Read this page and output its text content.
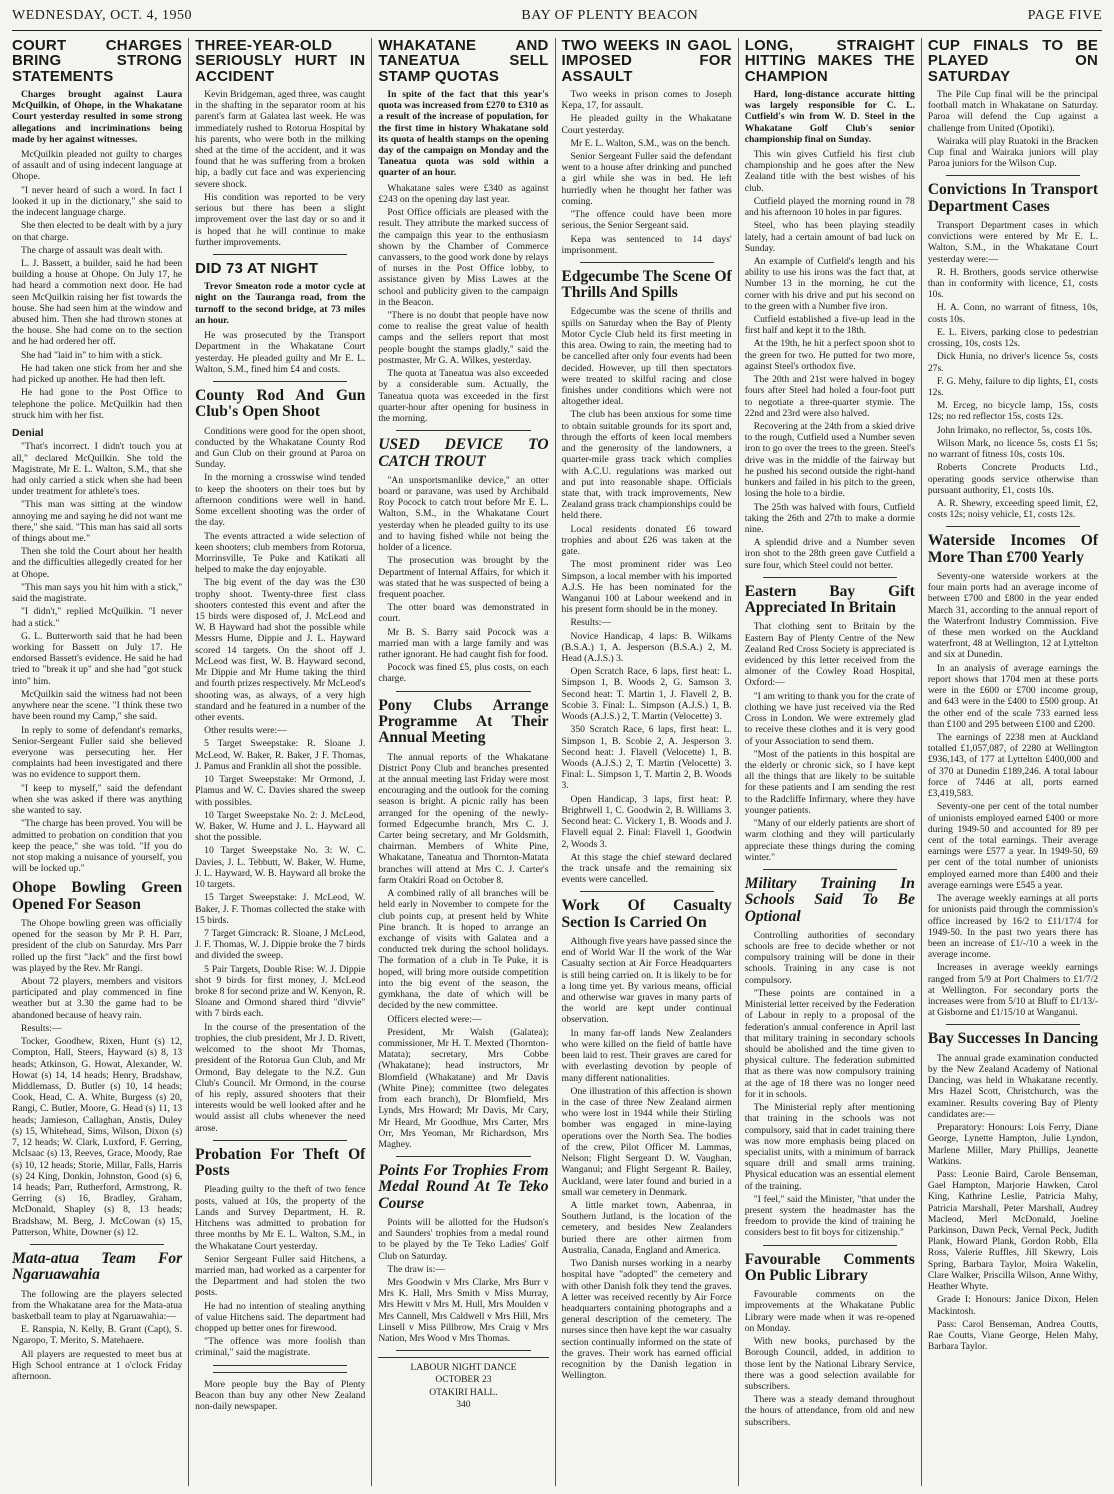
WEDNESDAY, OCT. 4, 1950	BAY OF PLENTY BEACON	PAGE FIVE
COURT CHARGES BRING STRONG STATEMENTS

Charges brought against Laura McQuilkin, of Ohope, in the Whakatane Court yesterday resulted in some strong allegations and incriminations being made by her against witnesses.

McQuilkin pleaded not guilty to charges of assault and of using indecent language at Ohope.

"I never heard of such a word. In fact I looked it up in the dictionary," she said to the indecent language charge.

She then elected to be dealt with by a jury on that charge.

The charge of assault was dealt with.

L. J. Bassett, a builder, said he had been building a house at Ohope. On July 17, he had heard a commotion next door. He had seen McQuilkin raising her fist towards the house. She had seen him at the window and abused him. Then she had thrown stones at the house. She had come on to the section and he had ordered her off.

She had "laid in" to him with a stick.

He had taken one stick from her and she had picked up another. He had then left.

He had gone to the Post Office to telephone the police. McQuilkin had then struck him with her fist.

Denial

"That's incorrect. I didn't touch you at all," declared McQuilkin. She told the Magistrate, Mr E. L. Walton, S.M., that she had only carried a stick when she had been under treatment for athlete's toes.

"This man was sitting at the window annoying me and saying he did not want me there," she said. "This man has said all sorts of things about me."

Then she told the Court about her health and the difficulties allegedly created for her at Ohope.

"This man says you hit him with a stick," said the magistrate.

"I didn't," replied McQuilkin. "I never had a stick."

G. L. Butterworth said that he had been working for Bassett on July 17. He endorsed Bassett's evidence. He said he had tried to "break it up" and she had "got stuck into" him.

McQuilkin said the witness had not been anywhere near the scene. "I think these two have been round my Camp," she said.

In reply to some of defendant's remarks, Senior-Sergeant Fuller said she believed everyone was persecuting her. Her complaints had been investigated and there was no evidence to support them.

"I keep to myself," said the defendant when she was asked if there was anything she wanted to say.

"The charge has been proved. You will be admitted to probation on condition that you keep the peace," she was told. "If you do not stop making a nuisance of yourself, you will be locked up."

Ohope Bowling Green Opened For Season

The Ohope bowling green was officially opened for the season by Mr P. H. Parr, president of the club on Saturday. Mrs Parr rolled up the first "Jack" and the first bowl was played by the Rev. Mr Rangi.

About 72 players, members and visitors participated and play commenced in fine weather but at 3.30 the game had to be abandoned because of heavy rain.

Results:—

Tocker, Goodhew, Rixen, Hunt (s) 12, Compton, Hall, Steers, Hayward (s) 8, 13 heads; Atkinson, G. Howat, Alexander, W. Howat (s) 14, 14 heads; Henry, Bradshaw, Middlemass, D. Butler (s) 10, 14 heads; Cook, Head, C. A. White, Burgess (s) 20, Rangi, C. Butler, Moore, G. Head (s) 11, 13 heads; Jamieson, Callaghan, Anstis, Duley (s) 15, Whitehead, Sims, Wilson, Dixon (s) 7, 12 heads; W. Clark, Luxford, F. Gerring, McIsaac (s) 13, Reeves, Grace, Moody, Rae (s) 10, 12 heads; Storie, Millar, Falls, Harris (s) 24 King, Donkin, Johnston, Good (s) 6, 14 heads; Parr, Rutherford, Armstrong, R. Gerring (s) 16, Bradley, Graham, McDonald, Shapley (s) 8, 13 heads; Bradshaw, M. Berg, J. McCowan (s) 15, Patterson, White, Downer (s) 12.

Mata-atua Team For Ngaruawahia

The following are the players selected from the Whakatane area for the Mata-atua basketball team to play at Ngaruawahia:—

E. Ranspia, N. Kelly, B. Grant (Capt), S. Ngaropo, T. Merito, S. Matehaere.

All players are requested to meet bus at High School entrance at 1 o'clock Friday afternoon.

THREE-YEAR-OLD SERIOUSLY HURT IN ACCIDENT

Kevin Bridgeman, aged three, was caught in the shafting in the separator room at his parent's farm at Galatea last week. He was immediately rushed to Rotorua Hospital by his parents, who were both in the milking shed at the time of the accident, and it was found that he was suffering from a broken hip, a badly cut face and was experiencing severe shock.

His condition was reported to be very serious but there has been a slight improvement over the last day or so and it is hoped that he will continue to make further improvements.

DID 73 AT NIGHT

Trevor Smeaton rode a motor cycle at night on the Tauranga road, from the turnoff to the second bridge, at 73 miles an hour.

He was prosecuted by the Transport Department in the Whakatane Court yesterday. He pleaded guilty and Mr E. L. Walton, S.M., fined him £4 and costs.

County Rod And Gun Club's Open Shoot

Conditions were good for the open shoot, conducted by the Whakatane County Rod and Gun Club on their ground at Paroa on Sunday.

In the morning a crosswise wind tended to keep the shooters on their toes but by afternoon conditions were well in hand. Some excellent shooting was the order of the day.

The events attracted a wide selection of keen shooters; club members from Rotorua, Morrinsville, Te Puke and Katikati all helped to make the day enjoyable.

The big event of the day was the £30 trophy shoot. Twenty-three first class shooters contested this event and after the 15 birds were disposed of, J. McLeod and W. B Hayward had shot the possible while Messrs Hume, Dippie and J. L. Hayward scored 14 targets. On the shoot off J. McLeod was first, W. B. Hayward second, Mr Dippie and Mr Hume taking the third and fourth prizes respectively. Mr McLeod's shooting was, as always, of a very high standard and he featured in a number of the other events.

Other results were:—

5 Target Sweepstake: R. Sloane J. McLeod, W. Baker, R. Baker, J F. Thomas, J. Pamus and Franklin all shot the possible.

10 Target Sweepstake: Mr Ormond, J. Plamus and W. C. Davies shared the sweep with possibles.

10 Target Sweepstake No. 2: J. McLeod, W. Baker, W. Hume and J. L. Hayward all shot the possible.

10 Target Sweepstake No. 3: W. C. Davies, J. L. Tebbutt, W. Baker, W. Hume, J. L. Hayward, W. B. Hayward all broke the 10 targets.

15 Target Sweepstake: J. McLeod, W. Baker, J. F. Thomas collected the stake with 15 birds.

7 Target Gimcrack: R. Sloane, J McLeod, J. F. Thomas, W. J. Dippie broke the 7 birds and divided the sweep.

5 Pair Targets, Double Rise: W. J. Dippie shot 9 birds for first money, J. McLeod broke 8 for second prize and W. Kenyon, R. Sloane and Ormond shared third "divvie" with 7 birds each.

In the course of the presentation of the trophies, the club president, Mr J. D. Rivett, welcomed to the shoot Mr Thomas, president of the Rotorua Gun Club, and Mr Ormond, Bay delegate to the N.Z. Gun Club's Council. Mr Ormond, in the course of his reply, assured shooters that their interests would be well looked after and he would assist all clubs whenever the need arose.

Probation For Theft Of Posts

Pleading guilty to the theft of two fence posts, valued at 10s, the property of the Lands and Survey Department, H. R. Hitchens was admitted to probation for three months by Mr E. L. Walton, S.M., in the Whakatane Court yesterday.

Senior Sergeant Fuller said Hitchens, a married man, had worked as a carpenter for the Department and had stolen the two posts.

He had no intention of stealing anything of value Hitchens said. The department had chopped up better ones for firewood.

"The offence was more foolish than criminal," said the magistrate.

More people buy the Bay of Plenty Beacon than buy any other New Zealand non-daily newspaper.

WHAKATANE AND TANEATUA SELL STAMP QUOTAS

In spite of the fact that this year's quota was increased from £270 to £310 as a result of the increase of population, for the first time in history Whakatane sold its quota of health stamps on the opening day of the campaign on Monday and the Taneatua quota was sold within a quarter of an hour.

Whakatane sales were £340 as against £243 on the opening day last year.

Post Office officials are pleased with the result. They attribute the marked success of the campaign this year to the enthusiasm shown by the Chamber of Commerce canvassers, to the good work done by relays of nurses in the Post Office lobby, to assistance given by Miss Lawes at the school and publicity given to the campaign in the Beacon.

"There is no doubt that people have now come to realise the great value of health camps and the sellers report that most people bought the stamps gladly," said the postmaster, Mr G. A. Wilkes, yesterday.

The quota at Taneatua was also exceeded by a considerable sum. Actually, the Taneatua quota was exceeded in the first quarter-hour after opening for business in the morning.

USED DEVICE TO CATCH TROUT

"An unsportsmanlike device," an otter board or paravane, was used by Archibald Roy Pocock to catch trout before Mr E. L. Walton, S.M., in the Whakatane Court yesterday when he pleaded guilty to its use and to having fished while not being the holder of a licence.

The prosecution was brought by the Department of Internal Affairs, for which it was stated that he was suspected of being a frequent poacher.

The otter board was demonstrated in court.

Mr B. S. Barry said Pocock was a married man with a large family and was rather ignorant. He had caught fish for food.

Pocock was fined £5, plus costs, on each charge.

Pony Clubs Arrange Programme At Their Annual Meeting

The annual reports of the Whakatane District Pony Club and branches presented at the annual meeting last Friday were most encouraging and the outlook for the coming season is bright. A picnic rally has been arranged for the opening of the newly-formed Edgecumbe branch, Mrs C. J. Carter being secretary, and Mr Goldsmith, chairman. Members of White Pine, Whakatane, Taneatua and Thornton-Matata branches will attend at Mrs C. J. Carter's farm Otakiri Road on October 8.

A combined rally of all branches will be held early in November to compete for the club points cup, at present held by White Pine branch. It is hoped to arrange an exchange of visits with Galatea and a conducted trek during the school holidays. The formation of a club in Te Puke, it is hoped, will bring more outside competition into the big event of the season, the gymkhana, the date of which will be decided by the new committee.

Officers elected were:—

President, Mr Walsh (Galatea); commissioner, Mr H. T. Mexted (Thornton-Matata); secretary, Mrs Cobbe (Whakatane); head instructors, Mr Blomfield (Whakatane) and Mr Davis (White Pine); committee (two delegates from each branch), Dr Blomfield, Mrs Lynds, Mrs Howard; Mr Davis, Mr Cary, Mr Heard, Mr Goodhue, Mrs Carter, Mrs Orr, Mrs Yeoman, Mr Richardson, Mrs Maghey.

Points For Trophies From Medal Round At Te Teko Course

Points will be allotted for the Hudson's and Saunders' trophies from a medal round to be played by the Te Teko Ladies' Golf Club on Saturday.

The draw is:—

Mrs Goodwin v Mrs Clarke, Mrs Burr v Mrs K. Hall, Mrs Smith v Miss Murray, Mrs Hewitt v Mrs M. Hull, Mrs Moulden v Mrs Cannell, Mrs Caldwell v Mrs Hill, Mrs Linsell v Miss Pillbrow, Mrs Craig v Mrs Nation, Mrs Wood v Mrs Thomas.

LABOUR NIGHT DANCE
OCTOBER 23
OTAKIRI HALL.
340
TWO WEEKS IN GAOL IMPOSED FOR ASSAULT

Two weeks in prison comes to Joseph Kepa, 17, for assault.

He pleaded guilty in the Whakatane Court yesterday.

Mr E. L. Walton, S.M., was on the bench.

Senior Sergeant Fuller said the defendant went to a house after drinking and punched a girl while she was in bed. He left hurriedly when he thought her father was coming.

"The offence could have been more serious, the Senior Sergeant said.

Kepa was sentenced to 14 days' imprisonment.

Edgecumbe The Scene Of Thrills And Spills

Edgecumbe was the scene of thrills and spills on Saturday when the Bay of Plenty Motor Cycle Club held its first meeting in this area. Owing to rain, the meeting had to be cancelled after only four events had been decided. However, up till then spectators were treated to skilful racing and close finishes under conditions which were not altogether ideal.

The club has been anxious for some time to obtain suitable grounds for its sport and, through the efforts of keen local members and the generosity of the landowners, a quarter-mile grass track which complies with A.C.U. regulations was marked out and put into reasonable shape. Officials state that, with track improvements, New Zealand grass track championships could be held there.

Local residents donated £6 toward trophies and about £26 was taken at the gate.

The most prominent rider was Leo Simpson, a local member with his imported A.J.S. He has been nominated for the Wanganui 100 at Labour weekend and in his present form should be in the money.

Results:—

Novice Handicap, 4 laps: B. Wilkams (B.S.A.) 1, A. Jesperson (B.S.A.) 2, M. Head (A.J.S.) 3.

Open Scratch Race, 6 laps, first heat: L. Simpson 1, B. Woods 2, G. Samson 3. Second heat: T. Martin 1, J. Flavell 2, B. Scobie 3. Final: L. Simpson (A.J.S.) 1, B. Woods (A.J.S.) 2, T. Martin (Velocette) 3.

350 Scratch Race, 6 laps, first heat: L. Simpson 1, B. Scobie 2, A. Jesperson 3. Second heat: J. Flavell (Velocette) 1, B. Woods (A.J.S.) 2, T. Martin (Velocette) 3. Final: L. Simpson 1, T. Martin 2, B. Woods 3.

Open Handicap, 3 laps, first heat: P. Brightwell 1, C. Goodwin 2, B. Williams 3. Second heat: C. Vickery 1, B. Woods and J. Flavell equal 2. Final: Flavell 1, Goodwin 2, Woods 3.

At this stage the chief steward declared the track unsafe and the remaining six events were cancelled.

Work Of Casualty Section Is Carried On

Although five years have passed since the end of World War II the work of the War Casualty section at Air Force Headquarters is still being carried on. It is likely to be for a long time yet. By various means, official and otherwise war graves in many parts of the world are kept under continual observation.

In many far-off lands New Zealanders who were killed on the field of battle have been laid to rest. Their graves are cared for with everlasting devotion by people of many different nationalities.

One illustration of this affection is shown in the case of three New Zealand airmen who were lost in 1944 while their Stirling bomber was engaged in mine-laying operations over the North Sea. The bodies of the crew, Pilot Officer M. Lammas, Nelson; Flight Sergeant D. W. Vaughan, Wanganui; and Flight Sergeant R. Bailey, Auckland, were later found and buried in a small war cemetery in Denmark.

A little market town, Aabenraa, in Southern Jutland, is the location of the cemetery, and besides New Zealanders buried there are other airmen from Australia, Canada, England and America.

Two Danish nurses working in a nearby hospital have "adopted" the cemetery and with other Danish folk they tend the graves. A letter was received recently by Air Force headquarters containing photographs and a general description of the cemetery. The nurses since then have kept the war casualty section continually informed on the state of the graves. Their work has earned official recognition by the Danish legation in Wellington.

LONG, STRAIGHT HITTING MAKES THE CHAMPION

Hard, long-distance accurate hitting was largely responsible for C. L. Cutfield's win from W. D. Steel in the Whakatane Golf Club's senior championship final on Sunday.

This win gives Cutfield his first club championship and he goes after the New Zealand title with the best wishes of his club.

Cutfield played the morning round in 78 and his afternoon 10 holes in par figures.

Steel, who has been playing steadily lately, had a certain amount of bad luck on Sunday.

An example of Cutfield's length and his ability to use his irons was the fact that, at Number 13 in the morning, he cut the corner with his drive and put his second on to the green with a Number five iron.

Cutfield established a five-up lead in the first half and kept it to the 18th.

At the 19th, he hit a perfect spoon shot to the green for two. He putted for two more, against Steel's orthodox five.

The 20th and 21st were halved in bogey fours after Steel had holed a four-foot putt to negotiate a three-quarter stymie. The 22nd and 23rd were also halved.

Recovering at the 24th from a skied drive to the rough, Cutfield used a Number seven iron to go over the trees to the green. Steel's drive was in the middle of the fairway but he pushed his second outside the right-hand bunkers and failed in his pitch to the green, losing the hole to a birdie.

The 25th was halved with fours, Cutfield taking the 26th and 27th to make a dormie nine.

A splendid drive and a Number seven iron shot to the 28th green gave Cutfield a sure four, which Steel could not better.

Eastern Bay Gift Appreciated In Britain

That clothing sent to Britain by the Eastern Bay of Plenty Centre of the New Zealand Red Cross Society is appreciated is evidenced by this letter received from the almoner of the Cowley Road Hospital, Oxford:—

"I am writing to thank you for the crate of clothing we have just received via the Red Cross in London. We were extremely glad to receive these clothes and it is very good of your Association to send them.

"Most of the patients in this hospital are the elderly or chronic sick, so I have kept all the things that are likely to be suitable for these patients and I am sending the rest to the Radcliffe Infirmary, where they have younger patients.

"Many of our elderly patients are short of warm clothing and they will particularly appreciate these things during the coming winter."

Military Training In Schools Said To Be Optional

Controlling authorities of secondary schools are free to decide whether or not compulsory training will be done in their schools. Training in any case is not compulsory.

"These points are contained in a Ministerial letter received by the Federation of Labour in reply to a proposal of the federation's annual conference in April last that military training in secondary schools should be abolished and the time given to physical culture. The federation submitted that as there was now compulsory training at the age of 18 there was no longer need for it in schools.

The Ministerial reply after mentioning that training in the schools was not compulsory, said that in cadet training there was now more emphasis being placed on specialist units, with a minimum of barrack square drill and small arms training. Physical education was an essential element of the training.

"I feel," said the Minister, "that under the present system the headmaster has the freedom to provide the kind of training he considers best to fit boys for citizenship."

Favourable Comments On Public Library

Favourable comments on the improvements at the Whakatane Public Library were made when it was re-opened on Monday.

With new books, purchased by the Borough Council, added, in addition to those lent by the National Library Service, there was a good selection available for subscribers.

There was a steady demand throughout the hours of attendance, from old and new subscribers.

CUP FINALS TO BE PLAYED ON SATURDAY

The Pile Cup final will be the principal football match in Whakatane on Saturday. Paroa will defend the Cup against a challenge from United (Opotiki).

Wairaka will play Ruatoki in the Bracken Cup final and Wairaka juniors will play Paroa juniors for the Wilson Cup.

Convictions In Transport Department Cases

Transport Department cases in which convictions were entered by Mr E. L. Walton, S.M., in the Whakatane Court yesterday were:—

R. H. Brothers, goods service otherwise than in conformity with licence, £1, costs 10s.

H. A. Conn, no warrant of fitness, 10s, costs 10s.

E. L. Eivers, parking close to pedestrian crossing, 10s, costs 12s.

Dick Hunia, no driver's licence 5s, costs 27s.

F. G. Mehy, failure to dip lights, £1, costs 12s.

M. Erceg, no bicycle lamp, 15s, costs 12s; no red reflector 15s, costs 12s.

John Irimako, no reflector, 5s, costs 10s.

Wilson Mark, no licence 5s, costs £1 5s; no warrant of fitness 10s, costs 10s.

Roberts Concrete Products Ltd., operating goods service otherwise than pursuant authority, £1, costs 10s.

A. R. Shewry, exceeding speed limit, £2, costs 12s; noisy vehicle, £1, costs 12s.

Waterside Incomes Of More Than £700 Yearly

Seventy-one waterside workers at the four main ports had an average income of between £700 and £800 in the year ended March 31, according to the annual report of the Waterfront Industry Commission. Five of these men worked on the Auckland waterfront, 48 at Wellington, 12 at Lyttelton and six at Dunedin.

In an analysis of average earnings the report shows that 1704 men at these ports were in the £600 or £700 income group, and 643 were in the £400 to £500 group. At the other end of the scale 733 earned less than £100 and 295 between £100 and £200.

The earnings of 2238 men at Auckland totalled £1,057,087, of 2280 at Wellington £936,143, of 177 at Lyttelton £400,000 and of 370 at Dunedin £189,246. A total labour force of 7446 at all, ports earned £3,419,583.

Seventy-one per cent of the total number of unionists employed earned £400 or more during 1949-50 and accounted for 89 per cent of the total earnings. Their average earnings were £577 a year. In 1949-50, 69 per cent of the total number of unionists employed earned more than £400 and their average earnings were £545 a year.

The average weekly earnings at all ports for unionists paid through the commission's office increased by 16/2 to £11/17/4 for 1949-50. In the past two years there has been an increase of £1/-/10 a week in the average income.

Increases in average weekly earnings ranged from 5/9 at Port Chalmers to £1/7/2 at Wellington. For secondary ports the increases were from 5/10 at Bluff to £1/13/- at Gisborne and £1/15/10 at Wanganui.

Bay Successes In Dancing

The annual grade examination conducted by the New Zealand Academy of National Dancing, was held in Whakatane recently. Mrs Hazel Scott, Christchurch, was the examiner. Results covering Bay of Plenty candidates are:—

Preparatory: Honours: Lois Ferry, Diane George, Lynette Hampton, Julie Lyndon, Marlene Miller, Mary Phillips, Jeanette Watkins.

Pass: Leonie Baird, Carole Benseman, Gael Hampton, Marjorie Hawken, Carol King, Kathrine Leslie, Patricia Mahy, Patricia Marshall, Peter Marshall, Audrey Macleod, Merl McDonald, Joeline Parkinson, Dawn Peck, Vernal Peck, Judith Plank, Howard Plank, Gordon Robb, Ella Ross, Valerie Ruffles, Jill Skewry, Lois Spring, Barbara Taylor, Moira Wakelin, Clare Walker, Priscilla Wilson, Anne Withy, Heather Whyte.

Grade I: Honours: Janice Dixon, Helen Mackintosh.

Pass: Carol Benseman, Andrea Coutts, Rae Coutts, Viane George, Helen Mahy, Barbara Taylor.
